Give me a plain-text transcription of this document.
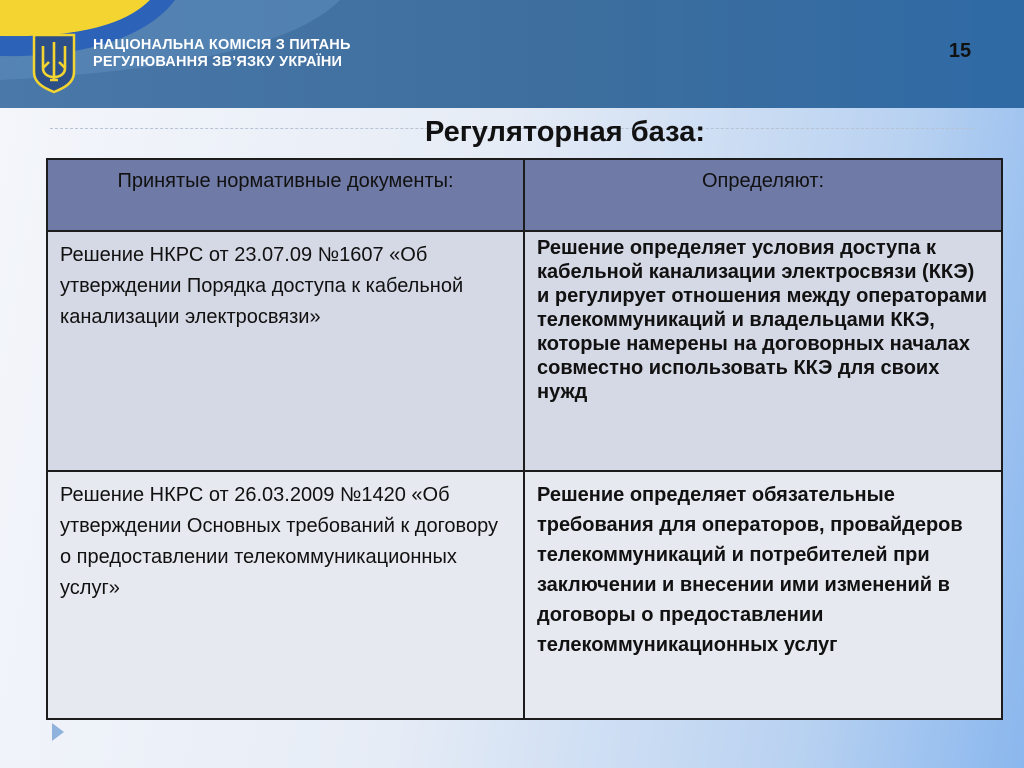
НАЦІОНАЛЬНА КОМІСІЯ З ПИТАНЬ
РЕГУЛЮВАННЯ ЗВ’ЯЗКУ УКРАЇНИ	15
Регуляторная база:
Принятые нормативные документы:	Определяют:
Решение НКРС от 23.07.09 №1607 «Об утверждении Порядка доступа к кабельной канализации электросвязи»	Решение определяет условия доступа к кабельной канализации электросвязи (ККЭ) и регулирует отношения между операторами телекоммуникаций и владельцами ККЭ, которые намерены на договорных началах совместно использовать ККЭ для своих нужд
Решение НКРС от 26.03.2009 №1420 «Об утверждении Основных требований к договору о предоставлении телекоммуникационных услуг»	Решение определяет обязательные требования для операторов, провайдеров телекоммуникаций и потребителей при заключении и внесении ими изменений в договоры о предоставлении телекоммуникационных услуг
